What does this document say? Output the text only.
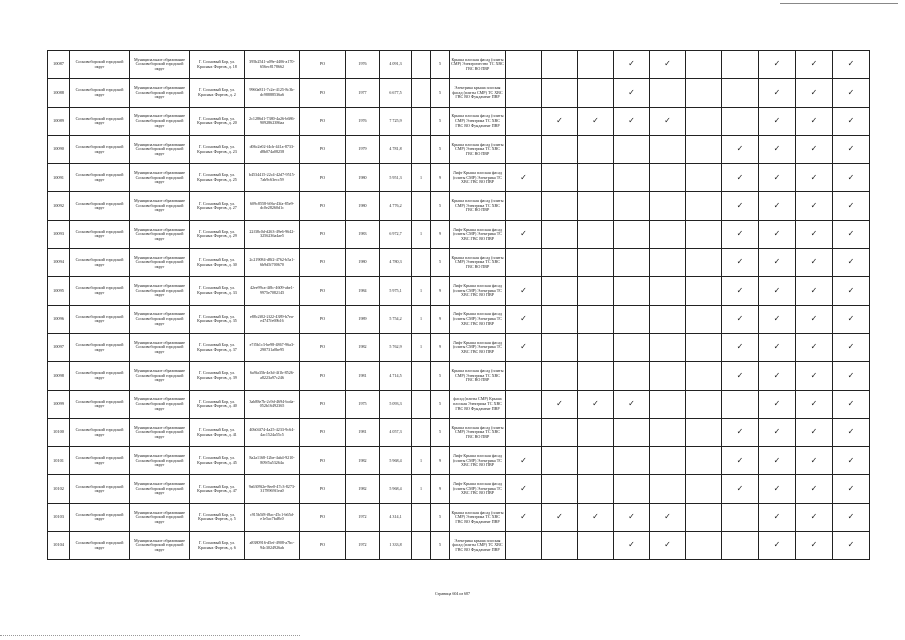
10087	Сосновоборский городской округ	Муниципальное образование Сосновоборский городской округ	Г. Сосновый Бор, ул. Красных Фортов, д. 18	395b2541-a09e-4406-a170-656ec8178662	РО	1976	4 091,3		5	Крыша плоская фасад (плиты СМР) Электричество ТС ХВС ГВС ВО ПВР				✓	✓			✓	✓	✓
10088	Сосновоборский городской округ	Муниципальное образование Сосновоборский городской округ	Г. Сосновый Бор, ул. Красных Фортов, д. 2	9960a811-7c2e-4125-8c3b-dc98888536a6	РО	1977	6 677,5		5	Электрика крыша плоская фасад (плиты СМР) ТС ХВС ГВС ВО Фундамент ПВР				✓				✓	✓	✓
10089	Сосновоборский городской округ	Муниципальное образование Сосновоборский городской округ	Г. Сосновый Бор, ул. Красных Фортов, д. 20	2c1286d1-7380-4a26-b686-9092862386aa	РО	1976	7 725,9		5	Крыша плоская фасад (плиты СМР) Электрика ТС ХВС ГВС ВО Фундамент ПВР		✓	✓	✓	✓			✓	✓	✓
10090	Сосновоборский городской округ	Муниципальное образование Сосновоборский городской округ	Г. Сосновый Бор, ул. Красных Фортов, д. 23	d06c2e02-f4cb-441a-8733-d8b074a08258	РО	1979	4 781,8		5	Крыша плоская фасад (плиты СМР) Электрика ТС ХВС ГВС ВО ПВР							✓	✓	✓	✓
10091	Сосновоборский городской округ	Муниципальное образование Сосновоборский городской округ	Г. Сосновый Бор, ул. Красных Фортов, д. 25	b4534415-22c4-42d7-9515-7ab9c63ecc59	РО	1980	5 951,3	1	9	Лифт Крыша плоская фасад (плиты СМР) Электрика ТС ХВС ГВС ВО ПВР	✓						✓	✓	✓	✓
10092	Сосновоборский городской округ	Муниципальное образование Сосновоборский городской округ	Г. Сосновый Бор, ул. Красных Фортов, д. 27	609c8558-b9fa-43fa-85e9-dc0e28260d1c	РО	1980	4 776,2		5	Крыша плоская фасад (плиты СМР) Электрика ТС ХВС ГВС ВО ПВР							✓	✓	✓	✓
10093	Сосновоборский городской округ	Муниципальное образование Сосновоборский городской округ	Г. Сосновый Бор, ул. Красных Фортов, д. 29	22f38c0d-d263-49e6-9642-3256236a4ae5	РО	1983	6 972,7	1	9	Лифт Крыша плоская фасад (плиты СМР) Электрика ТС ХВС ГВС ВО ПВР	✓						✓	✓	✓	✓
10094	Сосновоборский городской округ	Муниципальное образование Сосновоборский городской округ	Г. Сосновый Бор, ул. Красных Фортов, д. 30	2c219084-d8f2-4762-b5a1-6b9d5f700670	РО	1980	4 780,3		5	Крыша плоская фасад (плиты СМР) Электрика ТС ХВС ГВС ВО ПВР							✓	✓	✓	✓
10095	Сосновоборский городской округ	Муниципальное образование Сосновоборский городской округ	Г. Сосновый Бор, ул. Красных Фортов, д. 33	42ee99ca-4f8c-4609-abe1-9975e7082145	РО	1984	5 975,1	1	9	Лифт Крыша плоская фасад (плиты СМР) Электрика ТС ХВС ГВС ВО ПВР	✓						✓	✓	✓	✓
10096	Сосновоборский городской округ	Муниципальное образование Сосновоборский городской округ	Г. Сосновый Бор, ул. Красных Фортов, д. 35	e88c2f02-2f22-4389-b7ea-e4747fe69b16	РО	1989	5 754,2	1	9	Лифт Крыша плоская фасад (плиты СМР) Электрика ТС ХВС ГВС ВО ПВР	✓						✓	✓	✓	✓
10097	Сосновоборский городской округ	Муниципальное образование Сосновоборский городской округ	Г. Сосновый Бор, ул. Красных Фортов, д. 37	e7f5b1c3-be98-4867-96a3-290731a0be95	РО	1982	5 762,9	1	9	Лифт Крыша плоская фасад (плиты СМР) Электрика ТС ХВС ГВС ВО ПВР	✓						✓	✓	✓	✓
10098	Сосновоборский городской округ	Муниципальное образование Сосновоборский городской округ	Г. Сосновый Бор, ул. Красных Фортов, д. 39	6a9fa35b-4e3d-4f1b-8526-a8223a97c246	РО	1981	4 714,5		5	Крыша плоская фасад (плиты СМР) Электрика ТС ХВС ГВС ВО ПВР							✓	✓	✓	✓
10099	Сосновоборский городской округ	Муниципальное образование Сосновоборский городской округ	Г. Сосновый Бор, ул. Красных Фортов, д. 40	3ab88e7b-2c9d-4694-bcda-052b16492365	РО	1975	5 093,3		5	фасад (плиты СМР) Крыша плоская Электрика ТС ХВС ГВС ВО Фундамент ПВР		✓	✓	✓				✓	✓	✓
10100	Сосновоборский городской округ	Муниципальное образование Сосновоборский городской округ	Г. Сосновый Бор, ул. Красных Фортов, д. 41	40b04f74-4a25-4233-9c64-4ac1524a55c5	РО	1981	4 057,3		5	Крыша плоская фасад (плиты СМР) Электрика ТС ХВС ГВС ВО ПВР							✓	✓	✓	✓
10101	Сосновоборский городской округ	Муниципальное образование Сосновоборский городской округ	Г. Сосновый Бор, ул. Красных Фортов, д. 45	8a2a1168-12be-4ab4-9210-809f5a53264a	РО	1982	5 968,4	1	9	Лифт Крыша плоская фасад (плиты СМР) Электрика ТС ХВС ГВС ВО ПВР	✓						✓	✓	✓	✓
10102	Сосновоборский городской округ	Муниципальное образование Сосновоборский городской округ	Г. Сосновый Бор, ул. Красных Фортов, д. 47	9a6309f2e-8ee0-47c3-8273-3178969f1ea0	РО	1982	5 968,4	1	9	Лифт Крыша плоская фасад (плиты СМР) Электрика ТС ХВС ГВС ВО ПВР	✓						✓	✓	✓	✓
10103	Сосновоборский городской округ	Муниципальное образование Сосновоборский городской округ	Г. Сосновый Бор, ул. Красных Фортов, д. 5	c915b5f8-f8ac-45c1-b65d-e1e5ac7bd8c0	РО	1972	4 314,1		5	Крыша плоская фасад (плиты СМР) Электрика ТС ХВС ГВС ВО Фундамент ПВР	✓	✓	✓	✓	✓			✓	✓	✓
10104	Сосновоборский городской округ	Муниципальное образование Сосновоборский городской округ	Г. Сосновый Бор, ул. Красных Фортов, д. 6	a8380916-d5ef-4908-a7bc-94c3024926ab	РО	1972	1 333,8		5	Электрика крыша плоская фасад (плиты СМР) ТС ХВС ГВС ВО Фундамент ПВР				✓	✓			✓	✓	✓
Страница 604 из 687
